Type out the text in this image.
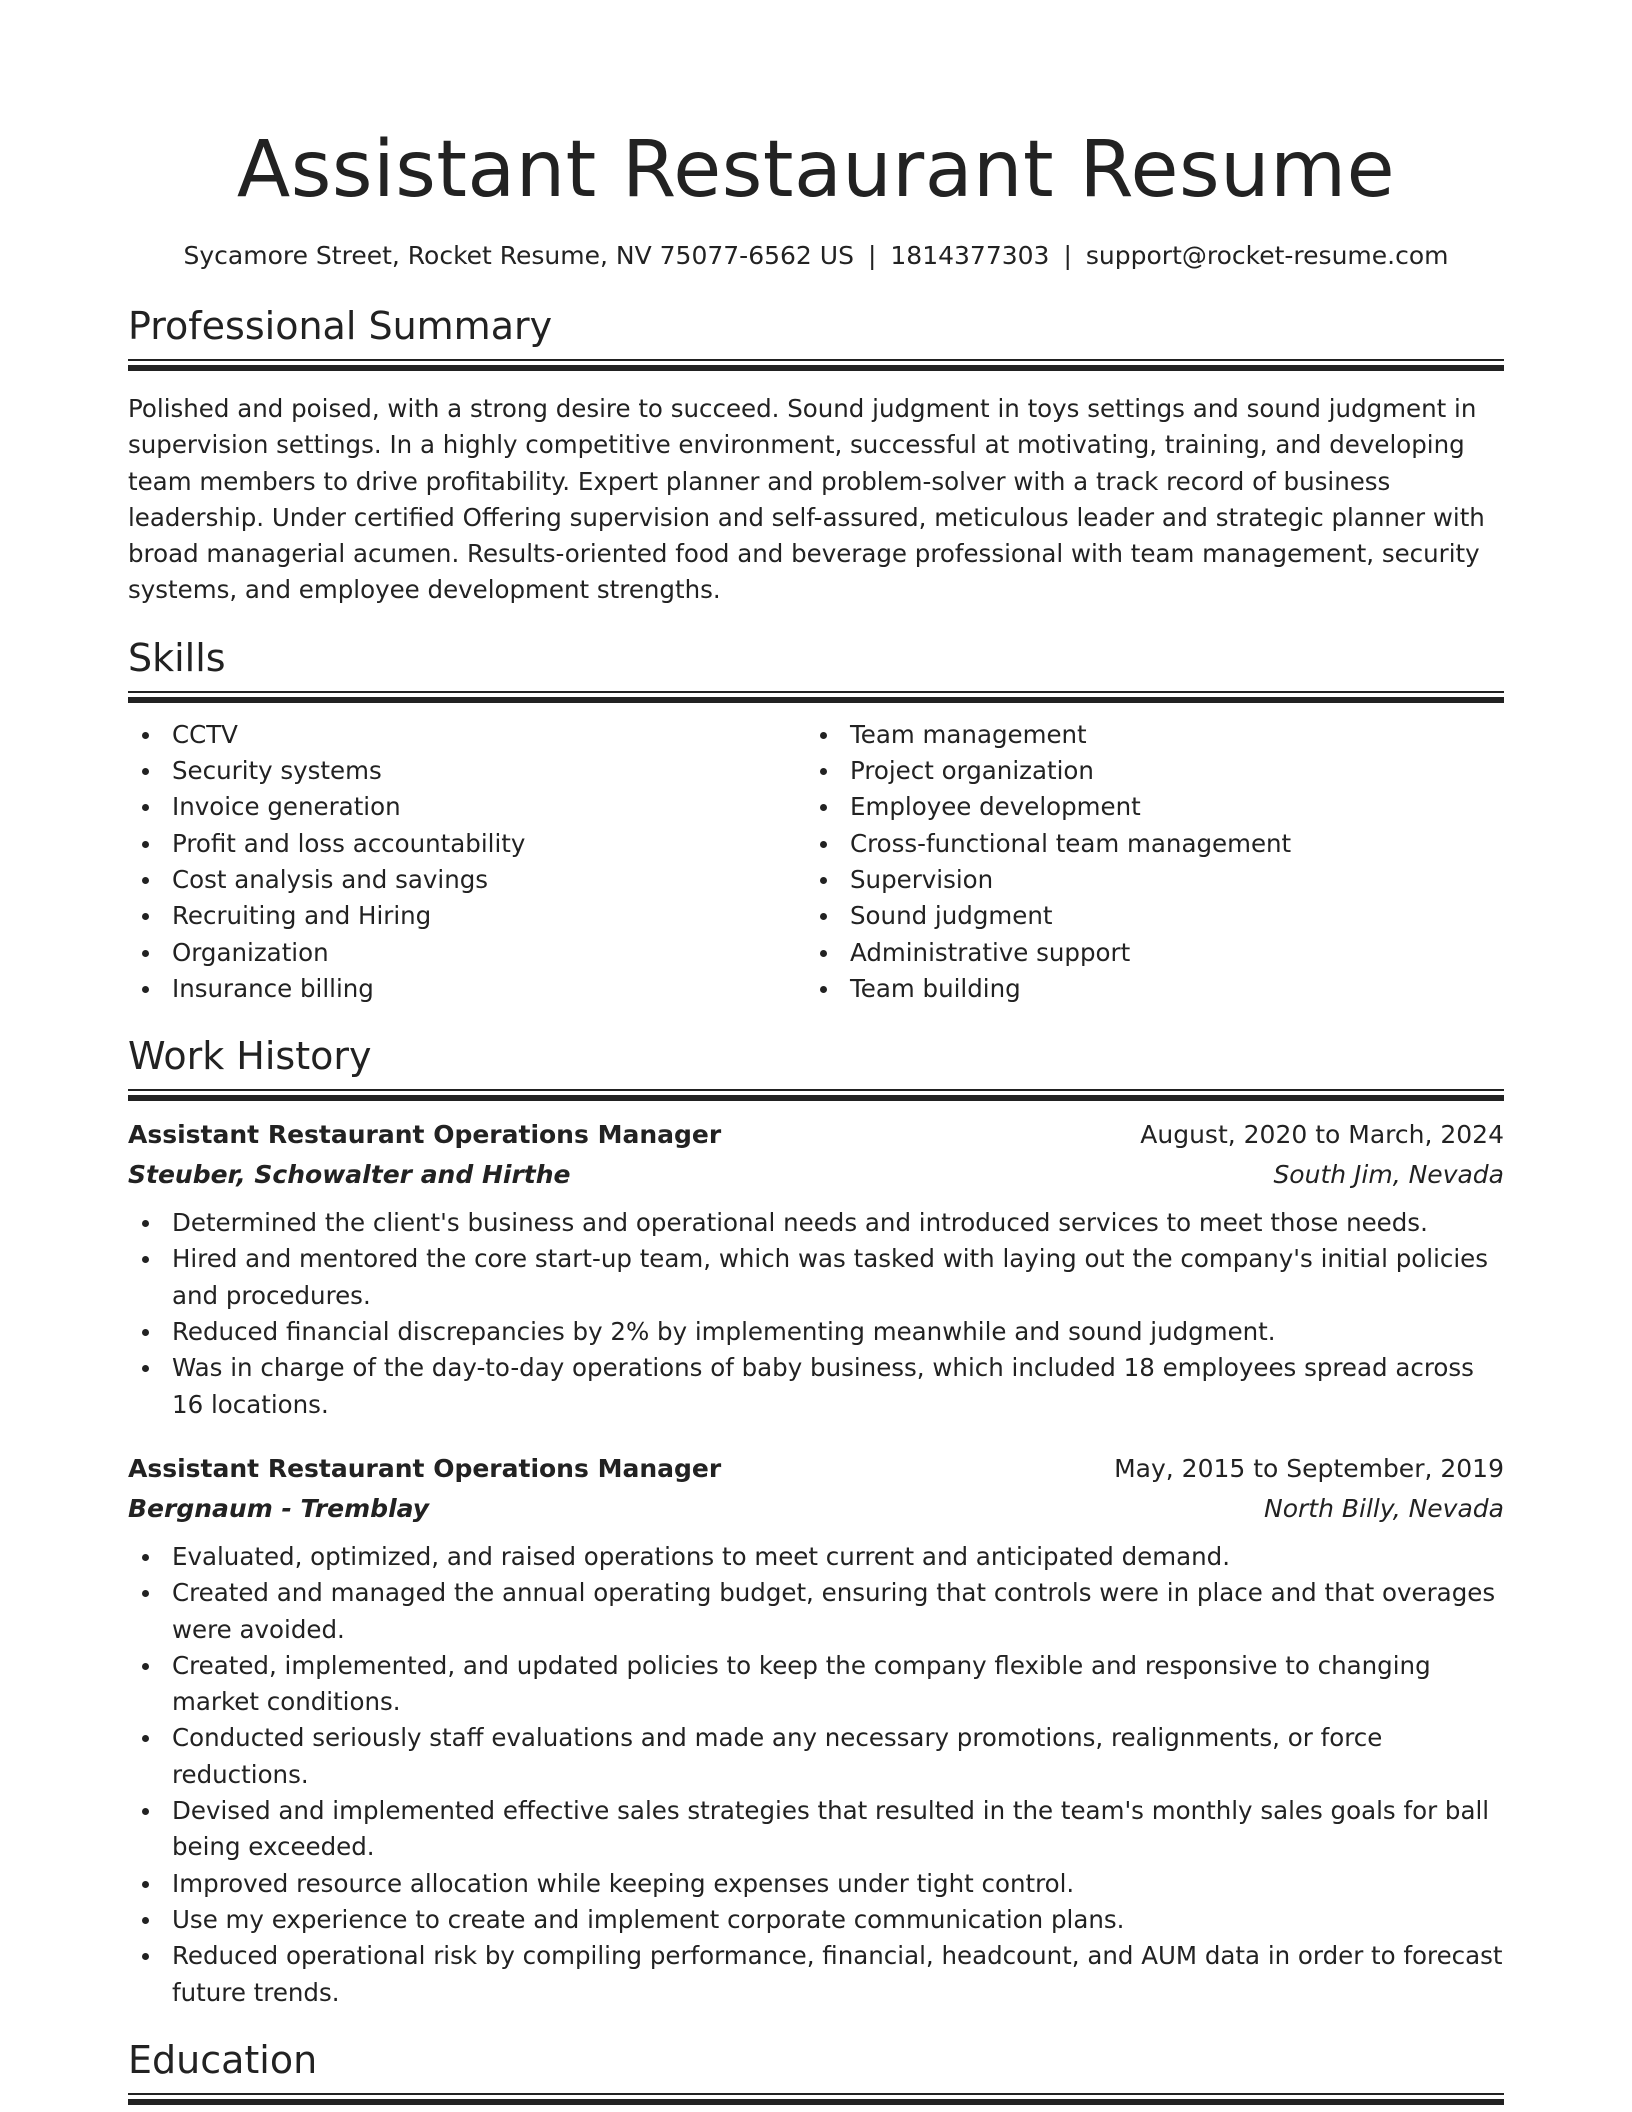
Assistant Restaurant Resume
Sycamore Street, Rocket Resume, NV 75077-6562 US | 1814377303 | support@rocket-resume.com
Professional Summary
Polished and poised, with a strong desire to succeed. Sound judgment in toys settings and sound judgment in supervision settings. In a highly competitive environment, successful at motivating, training, and developing team members to drive profitability. Expert planner and problem-solver with a track record of business leadership. Under certified Offering supervision and self-assured, meticulous leader and strategic planner with broad managerial acumen. Results-oriented food and beverage professional with team management, security systems, and employee development strengths.
Skills
CCTV
Security systems
Invoice generation
Profit and loss accountability
Cost analysis and savings
Recruiting and Hiring
Organization
Insurance billing
Team management
Project organization
Employee development
Cross-functional team management
Supervision
Sound judgment
Administrative support
Team building
Work History
Assistant Restaurant Operations Manager	August, 2020 to March, 2024
Steuber, Schowalter and Hirthe	South Jim, Nevada
Determined the client's business and operational needs and introduced services to meet those needs.
Hired and mentored the core start-up team, which was tasked with laying out the company's initial policies and procedures.
Reduced financial discrepancies by 2% by implementing meanwhile and sound judgment.
Was in charge of the day-to-day operations of baby business, which included 18 employees spread across 16 locations.
Assistant Restaurant Operations Manager	May, 2015 to September, 2019
Bergnaum - Tremblay	North Billy, Nevada
Evaluated, optimized, and raised operations to meet current and anticipated demand.
Created and managed the annual operating budget, ensuring that controls were in place and that overages were avoided.
Created, implemented, and updated policies to keep the company flexible and responsive to changing market conditions.
Conducted seriously staff evaluations and made any necessary promotions, realignments, or force reductions.
Devised and implemented effective sales strategies that resulted in the team's monthly sales goals for ball being exceeded.
Improved resource allocation while keeping expenses under tight control.
Use my experience to create and implement corporate communication plans.
Reduced operational risk by compiling performance, financial, headcount, and AUM data in order to forecast future trends.
Education
